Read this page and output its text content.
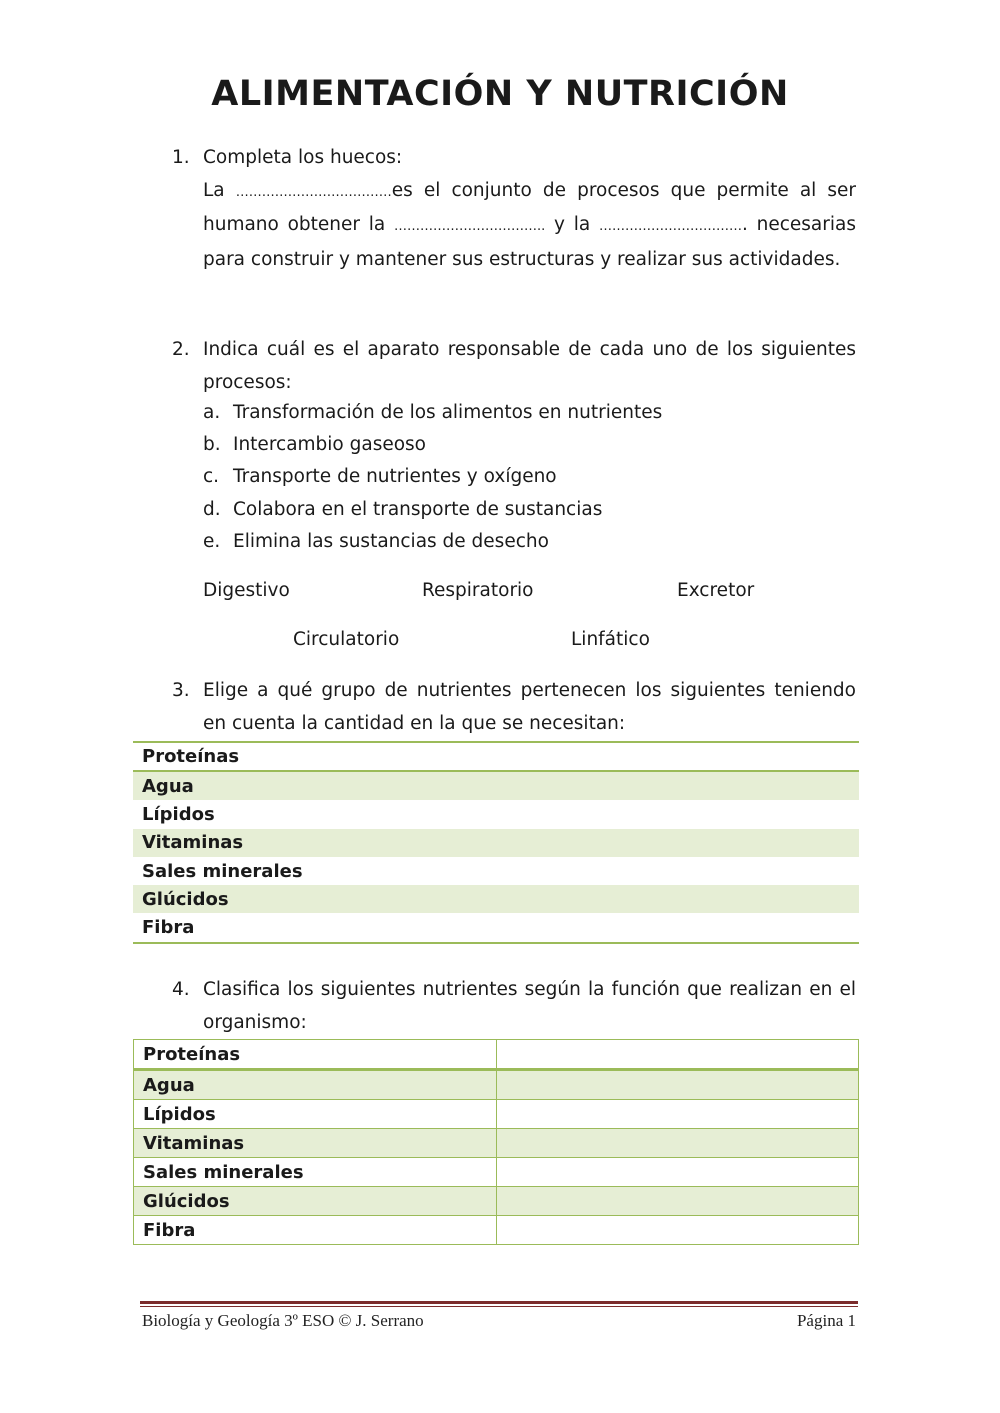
ALIMENTACIÓN Y NUTRICIÓN
1. Completa los huecos:
La ………………………………es el conjunto de procesos que permite al ser humano obtener la …………………………….. y la ……………………………. necesarias para construir y mantener sus estructuras y realizar sus actividades.
2. Indica cuál es el aparato responsable de cada uno de los siguientes procesos:
a. Transformación de los alimentos en nutrientes
b. Intercambio gaseoso
c. Transporte de nutrientes y oxígeno
d. Colabora en el transporte de sustancias
e. Elimina las sustancias de desecho
Digestivo	Respiratorio	Excretor
Circulatorio	Linfático
3. Elige a qué grupo de nutrientes pertenecen los siguientes teniendo en cuenta la cantidad en la que se necesitan:
Proteínas
Agua
Lípidos
Vitaminas
Sales minerales
Glúcidos
Fibra
4. Clasifica los siguientes nutrientes según la función que realizan en el organismo:
Proteínas	
Agua	
Lípidos	
Vitaminas	
Sales minerales	
Glúcidos	
Fibra	
Biología y Geología 3º ESO © J. Serrano	Página 1
